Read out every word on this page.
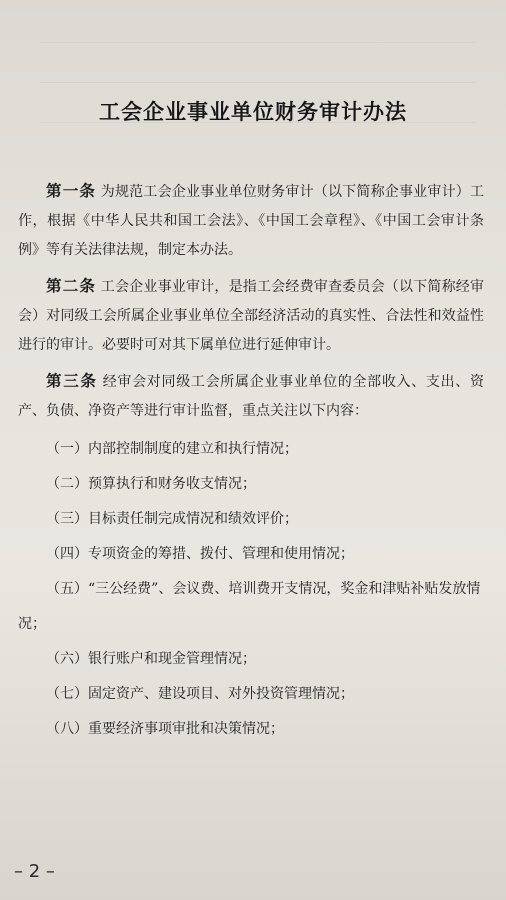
工会企业事业单位财务审计办法

第一条 为规范工会企业事业单位财务审计（以下简称企事业审计）工作，根据《中华人民共和国工会法》、《中国工会章程》、《中国工会审计条例》等有关法律法规，制定本办法。

第二条 工会企业事业审计，是指工会经费审查委员会（以下简称经审会）对同级工会所属企业事业单位全部经济活动的真实性、合法性和效益性进行的审计。必要时可对其下属单位进行延伸审计。

第三条 经审会对同级工会所属企业事业单位的全部收入、支出、资产、负债、净资产等进行审计监督，重点关注以下内容：

（一）内部控制制度的建立和执行情况；

（二）预算执行和财务收支情况；

（三）目标责任制完成情况和绩效评价；

（四）专项资金的筹措、拨付、管理和使用情况；

（五）“三公经费”、会议费、培训费开支情况，奖金和津贴补贴发放情况；

（六）银行账户和现金管理情况；

（七）固定资产、建设项目、对外投资管理情况；

（八）重要经济事项审批和决策情况；

– 2 –
